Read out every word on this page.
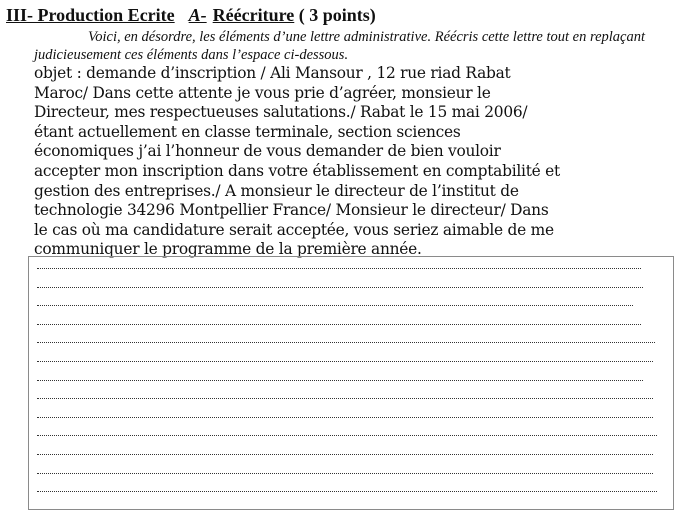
III- Production Ecrite A- Réécriture ( 3 points)
Voici, en désordre, les éléments d’une lettre administrative. Réécris cette lettre tout en replaçant judicieusement ces éléments dans l’espace ci-dessous.
objet : demande d’inscription / Ali Mansour , 12 rue riad Rabat
Maroc/ Dans cette attente je vous prie d’agréer, monsieur le
Directeur, mes respectueuses salutations./ Rabat le 15 mai 2006/
étant actuellement en classe terminale, section sciences
économiques j’ai l’honneur de vous demander de bien vouloir
accepter mon inscription dans votre établissement en comptabilité et
gestion des entreprises./ A monsieur le directeur de l’institut de
technologie 34296 Montpellier France/ Monsieur le directeur/ Dans
le cas où ma candidature serait acceptée, vous seriez aimable de me
communiquer le programme de la première année.
